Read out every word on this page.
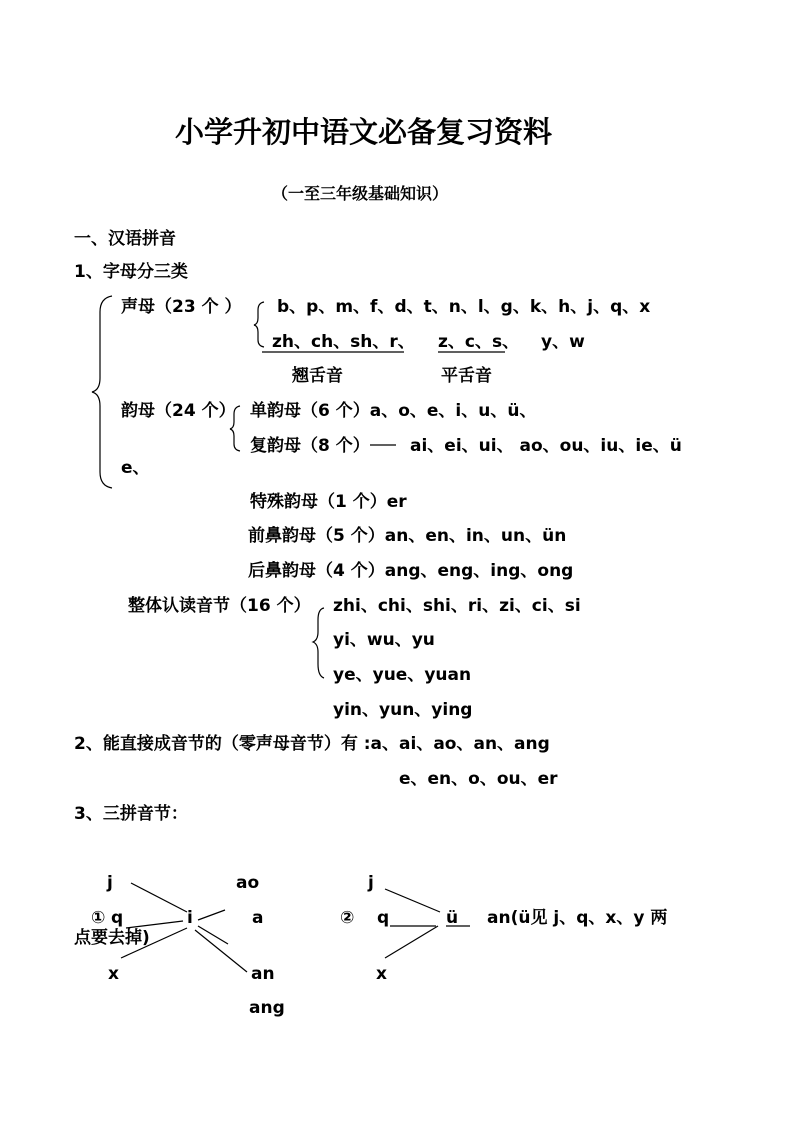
小学升初中语文必备复习资料
（一至三年级基础知识）
一、汉语拼音
1、字母分三类
声母（23 个 ） b、p、m、f、d、t、n、l、g、k、h、j、q、x
zh、ch、sh、r、 z、c、s、 y、w
翘舌音	平舌音
韵母（24 个） 单韵母（6 个）a、o、e、i、u、ü、
复韵母（8 个） ai、ei、ui、 ao、ou、iu、ie、ü
e、
特殊韵母（1 个）er
前鼻韵母（5 个）an、en、in、un、ün
后鼻韵母（4 个）ang、eng、ing、ong
整体认读音节（16 个） zhi、chi、shi、ri、zi、ci、si
yi、wu、yu
ye、yue、yuan
yin、yun、ying
2、能直接成音节的（零声母音节）有 :a、ai、ao、an、ang
e、en、o、ou、er
3、三拼音节：
j
① q
x
i
ao
a
an
ang
点要去掉)
②
j
q
x
ü an(ü见 j、q、x、y 两
